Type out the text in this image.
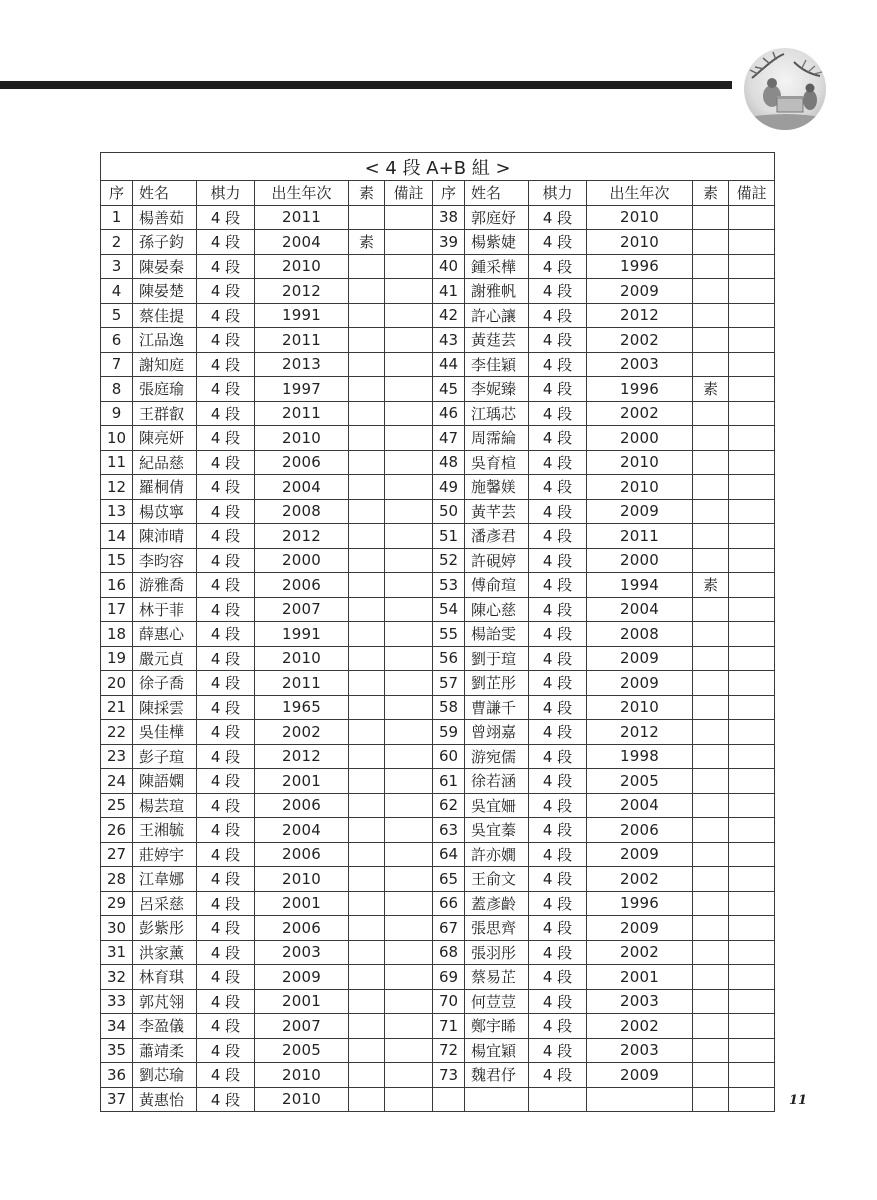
< 4 段 A+B 組 >											
序	姓名	棋力	出生年次	素	備註	序	姓名	棋力	出生年次	素	備註
1	楊善茹	4 段	2011			38	郭庭妤	4 段	2010		
2	孫子鈞	4 段	2004	素		39	楊紫婕	4 段	2010		
3	陳晏秦	4 段	2010			40	鍾采樺	4 段	1996		
4	陳晏楚	4 段	2012			41	謝雅帆	4 段	2009		
5	蔡佳提	4 段	1991			42	許心讓	4 段	2012		
6	江品逸	4 段	2011			43	黃莛芸	4 段	2002		
7	謝知庭	4 段	2013			44	李佳穎	4 段	2003		
8	張庭瑜	4 段	1997			45	李妮臻	4 段	1996	素	
9	王群叡	4 段	2011			46	江瑀芯	4 段	2002		
10	陳亮妍	4 段	2010			47	周霈綸	4 段	2000		
11	紀品慈	4 段	2006			48	吳育楦	4 段	2010		
12	羅桐倩	4 段	2004			49	施馨媄	4 段	2010		
13	楊苡寧	4 段	2008			50	黃芊芸	4 段	2009		
14	陳沛晴	4 段	2012			51	潘彥君	4 段	2011		
15	李昀容	4 段	2000			52	許硯婷	4 段	2000		
16	游雅喬	4 段	2006			53	傅俞瑄	4 段	1994	素	
17	林于菲	4 段	2007			54	陳心慈	4 段	2004		
18	薛惠心	4 段	1991			55	楊詒雯	4 段	2008		
19	嚴元貞	4 段	2010			56	劉于瑄	4 段	2009		
20	徐子喬	4 段	2011			57	劉芷彤	4 段	2009		
21	陳採雲	4 段	1965			58	曹謙千	4 段	2010		
22	吳佳樺	4 段	2002			59	曾翊嘉	4 段	2012		
23	彭子瑄	4 段	2012			60	游宛儒	4 段	1998		
24	陳語嫻	4 段	2001			61	徐若涵	4 段	2005		
25	楊芸瑄	4 段	2006			62	吳宜姍	4 段	2004		
26	王湘毓	4 段	2004			63	吳宜蓁	4 段	2006		
27	莊婷宇	4 段	2006			64	許亦嫺	4 段	2009		
28	江韋娜	4 段	2010			65	王俞文	4 段	2002		
29	呂采慈	4 段	2001			66	蓋彥齡	4 段	1996		
30	彭紫彤	4 段	2006			67	張思齊	4 段	2009		
31	洪家薰	4 段	2003			68	張羽彤	4 段	2002		
32	林育琪	4 段	2009			69	蔡易芷	4 段	2001		
33	郭芃翎	4 段	2001			70	何荳荳	4 段	2003		
34	李盈儀	4 段	2007			71	鄭宇睎	4 段	2002		
35	蕭靖柔	4 段	2005			72	楊宜穎	4 段	2003		
36	劉芯瑜	4 段	2010			73	魏君伃	4 段	2009		
37	黃惠怡	4 段	2010									11
